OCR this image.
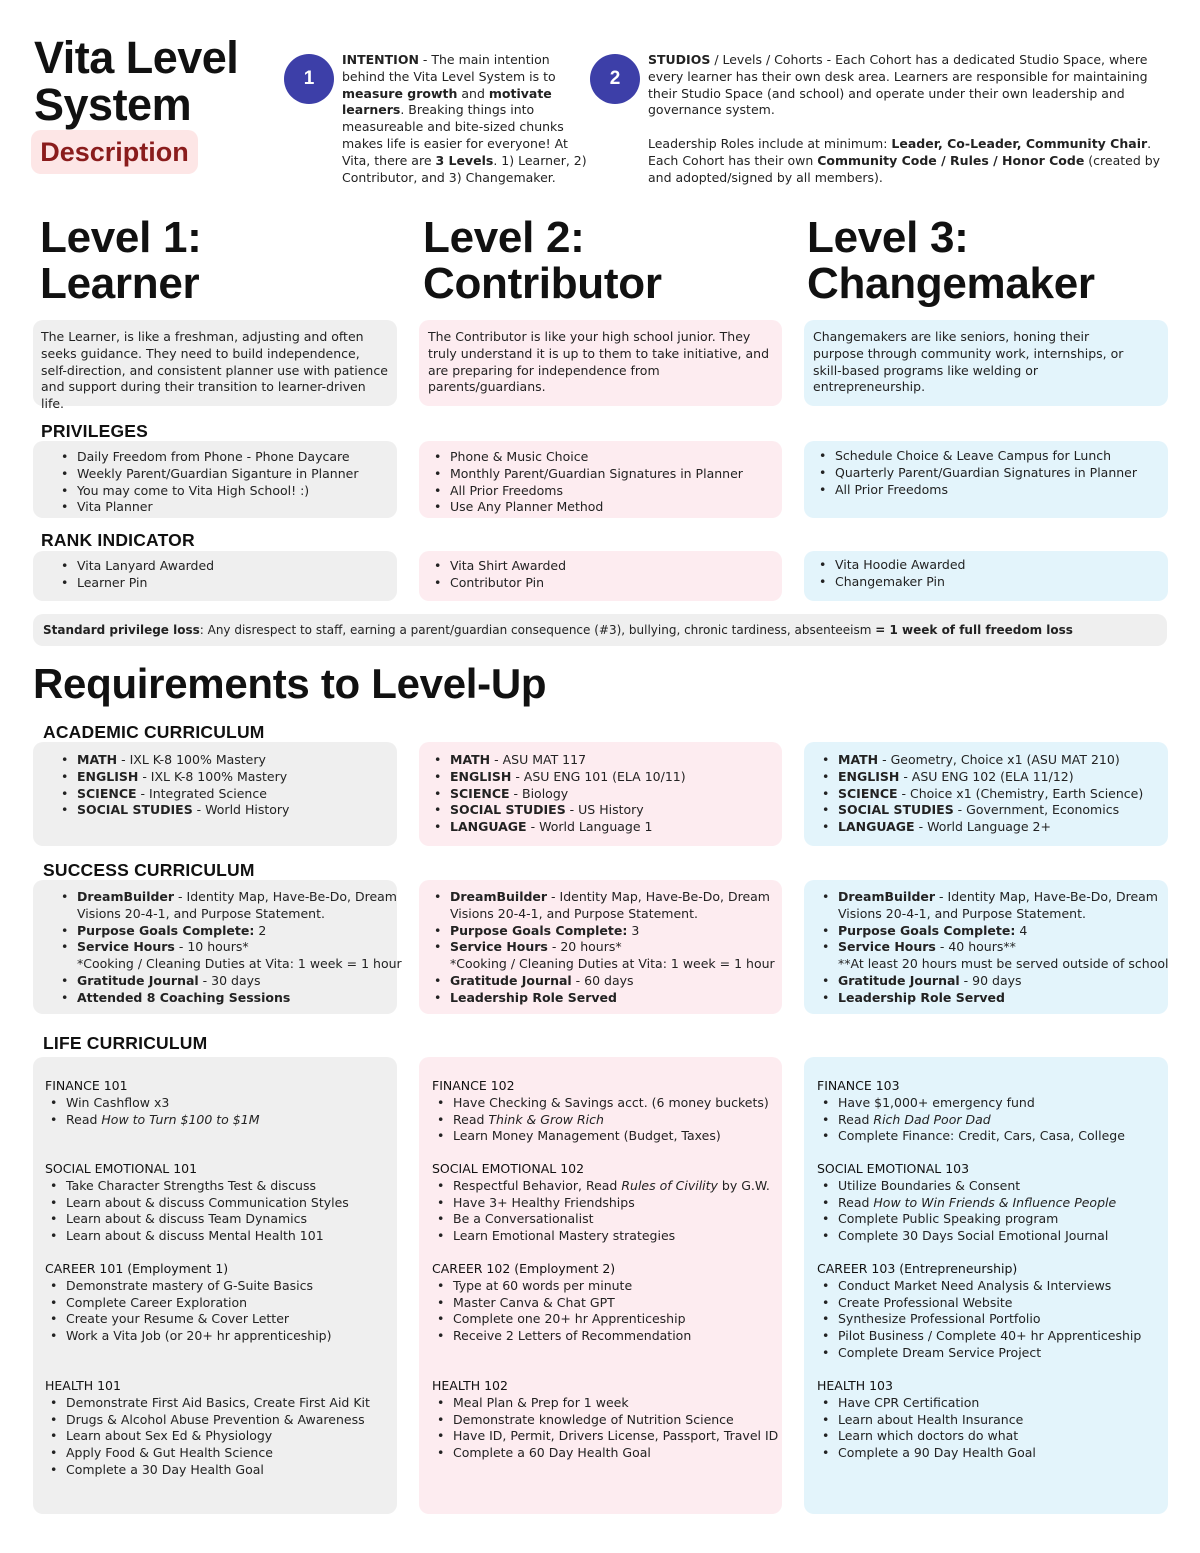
Vita Level
System
Description
1
INTENTION - The main intention behind the Vita Level System is to measure growth and motivate learners. Breaking things into measureable and bite-sized chunks makes life is easier for everyone! At Vita, there are 3 Levels. 1) Learner, 2) Contributor, and 3) Changemaker.
2
STUDIOS / Levels / Cohorts - Each Cohort has a dedicated Studio Space, where every learner has their own desk area. Learners are responsible for maintaining their Studio Space (and school) and operate under their own leadership and governance system.
Leadership Roles include at minimum: Leader, Co-Leader, Community Chair. Each Cohort has their own Community Code / Rules / Honor Code (created by and adopted/signed by all members).
Level 1:
Learner
Level 2:
Contributor
Level 3:
Changemaker

The Learner, is like a freshman, adjusting and often seeks guidance. They need to build independence, self-direction, and consistent planner use with patience and support during their transition to learner-driven life.

The Contributor is like your high school junior. They truly understand it is up to them to take initiative, and are preparing for independence from parents/guardians.

Changemakers are like seniors, honing their purpose through community work, internships, or skill-based programs like welding or entrepreneurship.

PRIVILEGES
• Daily Freedom from Phone - Phone Daycare
• Weekly Parent/Guardian Siganture in Planner
• You may come to Vita High School! :)
• Vita Planner
• Phone & Music Choice
• Monthly Parent/Guardian Signatures in Planner
• All Prior Freedoms
• Use Any Planner Method
• Schedule Choice & Leave Campus for Lunch
• Quarterly Parent/Guardian Signatures in Planner
• All Prior Freedoms
RANK INDICATOR
• Vita Lanyard Awarded
• Learner Pin
• Vita Shirt Awarded
• Contributor Pin
• Vita Hoodie Awarded
• Changemaker Pin
Standard privilege loss: Any disrespect to staff, earning a parent/guardian consequence (#3), bullying, chronic tardiness, absenteeism = 1 week of full freedom loss
Requirements to Level-Up
ACADEMIC CURRICULUM
• MATH - IXL K-8 100% Mastery
• ENGLISH - IXL K-8 100% Mastery
• SCIENCE - Integrated Science
• SOCIAL STUDIES - World History
• MATH - ASU MAT 117
• ENGLISH - ASU ENG 101 (ELA 10/11)
• SCIENCE - Biology
• SOCIAL STUDIES - US History
• LANGUAGE - World Language 1
• MATH - Geometry, Choice x1 (ASU MAT 210)
• ENGLISH - ASU ENG 102 (ELA 11/12)
• SCIENCE - Choice x1 (Chemistry, Earth Science)
• SOCIAL STUDIES - Government, Economics
• LANGUAGE - World Language 2+
SUCCESS CURRICULUM
• DreamBuilder - Identity Map, Have-Be-Do, Dream
Visions 20-4-1, and Purpose Statement.
• Purpose Goals Complete: 2
• Service Hours - 10 hours*
*Cooking / Cleaning Duties at Vita: 1 week = 1 hour
• Gratitude Journal - 30 days
• Attended 8 Coaching Sessions
• DreamBuilder - Identity Map, Have-Be-Do, Dream
Visions 20-4-1, and Purpose Statement.
• Purpose Goals Complete: 3
• Service Hours - 20 hours*
*Cooking / Cleaning Duties at Vita: 1 week = 1 hour
• Gratitude Journal - 60 days
• Leadership Role Served
• DreamBuilder - Identity Map, Have-Be-Do, Dream
Visions 20-4-1, and Purpose Statement.
• Purpose Goals Complete: 4
• Service Hours - 40 hours**
**At least 20 hours must be served outside of school
• Gratitude Journal - 90 days
• Leadership Role Served
LIFE CURRICULUM
FINANCE 101
• Win Cashflow x3
• Read How to Turn $100 to $1M
SOCIAL EMOTIONAL 101
• Take Character Strengths Test & discuss
• Learn about & discuss Communication Styles
• Learn about & discuss Team Dynamics
• Learn about & discuss Mental Health 101
CAREER 101 (Employment 1)
• Demonstrate mastery of G-Suite Basics
• Complete Career Exploration
• Create your Resume & Cover Letter
• Work a Vita Job (or 20+ hr apprenticeship)
HEALTH 101
• Demonstrate First Aid Basics, Create First Aid Kit
• Drugs & Alcohol Abuse Prevention & Awareness
• Learn about Sex Ed & Physiology
• Apply Food & Gut Health Science
• Complete a 30 Day Health Goal
FINANCE 102
• Have Checking & Savings acct. (6 money buckets)
• Read Think & Grow Rich
• Learn Money Management (Budget, Taxes)
SOCIAL EMOTIONAL 102
• Respectful Behavior, Read Rules of Civility by G.W.
• Have 3+ Healthy Friendships
• Be a Conversationalist
• Learn Emotional Mastery strategies
CAREER 102 (Employment 2)
• Type at 60 words per minute
• Master Canva & Chat GPT
• Complete one 20+ hr Apprenticeship
• Receive 2 Letters of Recommendation
HEALTH 102
• Meal Plan & Prep for 1 week
• Demonstrate knowledge of Nutrition Science
• Have ID, Permit, Drivers License, Passport, Travel ID
• Complete a 60 Day Health Goal
FINANCE 103
• Have $1,000+ emergency fund
• Read Rich Dad Poor Dad
• Complete Finance: Credit, Cars, Casa, College
SOCIAL EMOTIONAL 103
• Utilize Boundaries & Consent
• Read How to Win Friends & Influence People
• Complete Public Speaking program
• Complete 30 Days Social Emotional Journal
CAREER 103 (Entrepreneurship)
• Conduct Market Need Analysis & Interviews
• Create Professional Website
• Synthesize Professional Portfolio
• Pilot Business / Complete 40+ hr Apprenticeship
• Complete Dream Service Project
HEALTH 103
• Have CPR Certification
• Learn about Health Insurance
• Learn which doctors do what
• Complete a 90 Day Health Goal
